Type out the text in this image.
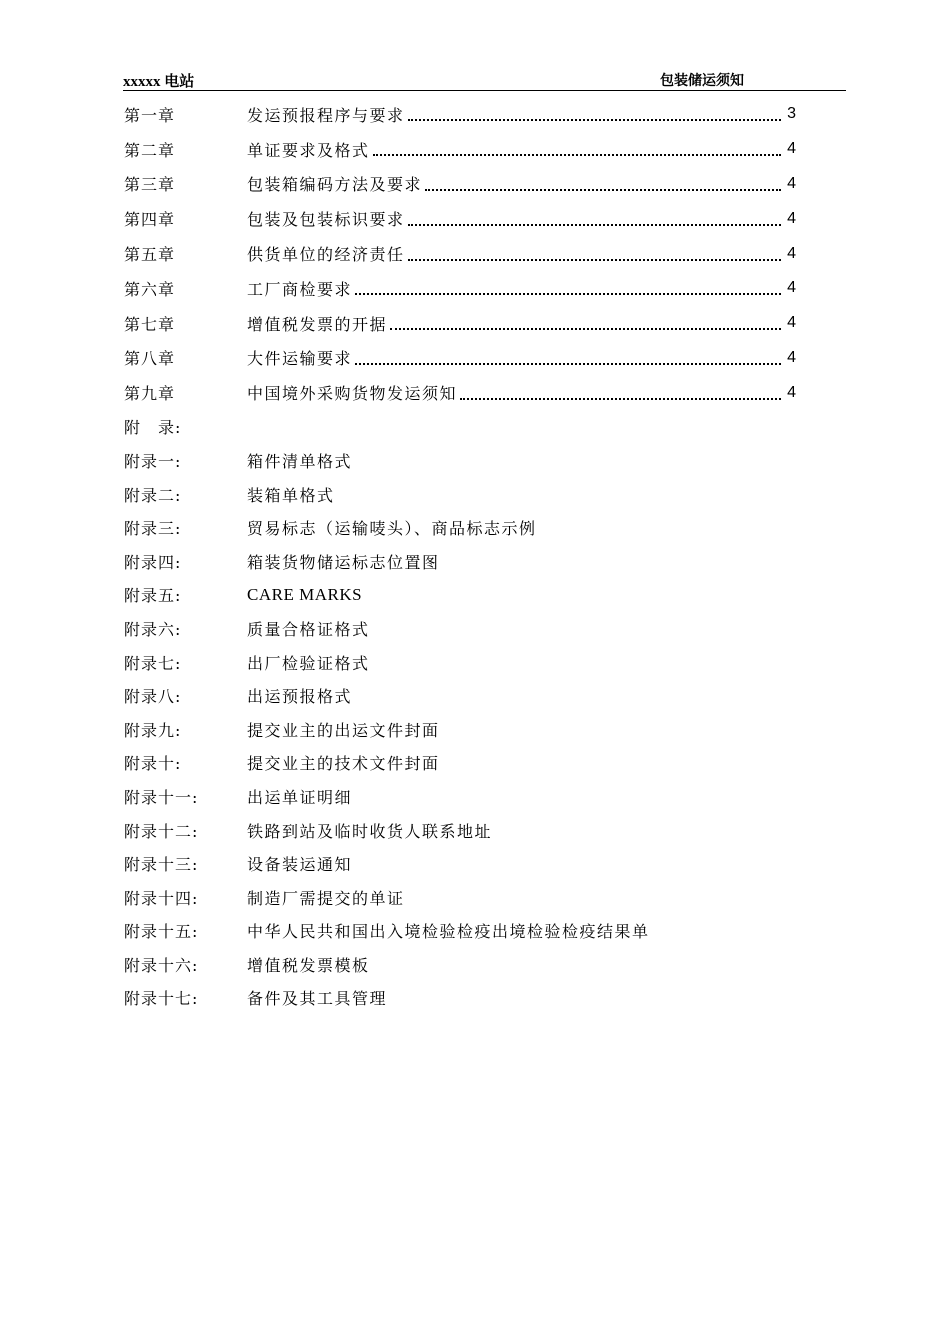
xxxxx 电站	包装储运须知
第一章	发运预报程序与要求	3
第二章	单证要求及格式	4
第三章	包装箱编码方法及要求	4
第四章	包装及包装标识要求	4
第五章	供货单位的经济责任	4
第六章	工厂商检要求	4
第七章	增值税发票的开据	4
第八章	大件运输要求	4
第九章	中国境外采购货物发运须知	4
附　录:
附录一:	箱件清单格式
附录二:	装箱单格式
附录三:	贸易标志（运输唛头）、商品标志示例
附录四:	箱装货物储运标志位置图
附录五:	CARE MARKS
附录六:	质量合格证格式
附录七:	出厂检验证格式
附录八:	出运预报格式
附录九:	提交业主的出运文件封面
附录十:	提交业主的技术文件封面
附录十一:	出运单证明细
附录十二:	铁路到站及临时收货人联系地址
附录十三:	设备装运通知
附录十四:	制造厂需提交的单证
附录十五:	中华人民共和国出入境检验检疫出境检验检疫结果单
附录十六:	增值税发票模板
附录十七:	备件及其工具管理
